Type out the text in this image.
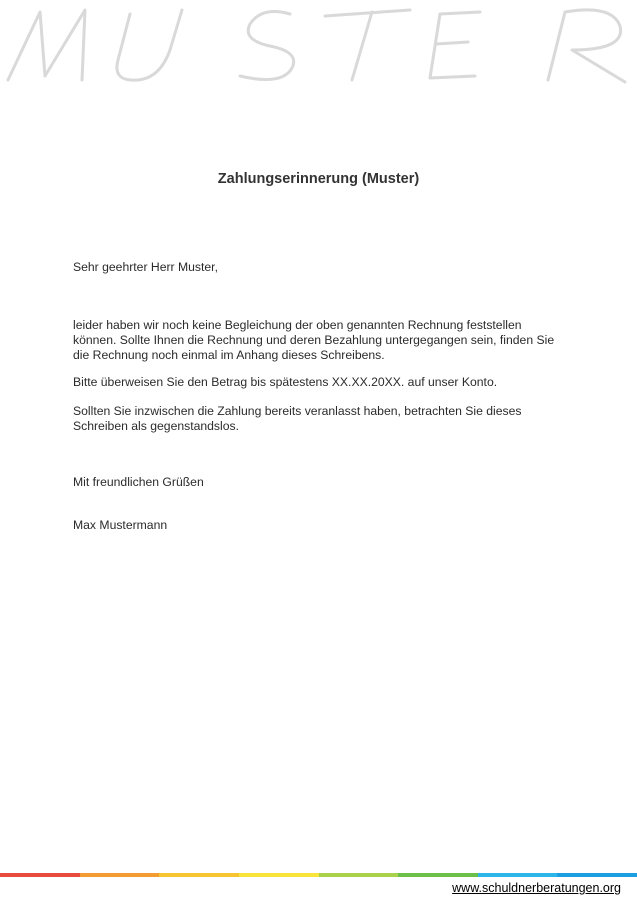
Zahlungserinnerung (Muster)

Sehr geehrter Herr Muster,

leider haben wir noch keine Begleichung der oben genannten Rechnung feststellen können. Sollte Ihnen die Rechnung und deren Bezahlung untergegangen sein, finden Sie die Rechnung noch einmal im Anhang dieses Schreibens.

Bitte überweisen Sie den Betrag bis spätestens XX.XX.20XX. auf unser Konto.

Sollten Sie inzwischen die Zahlung bereits veranlasst haben, betrachten Sie dieses Schreiben als gegenstandslos.

Mit freundlichen Grüßen

Max Mustermann

www.schuldnerberatungen.org
